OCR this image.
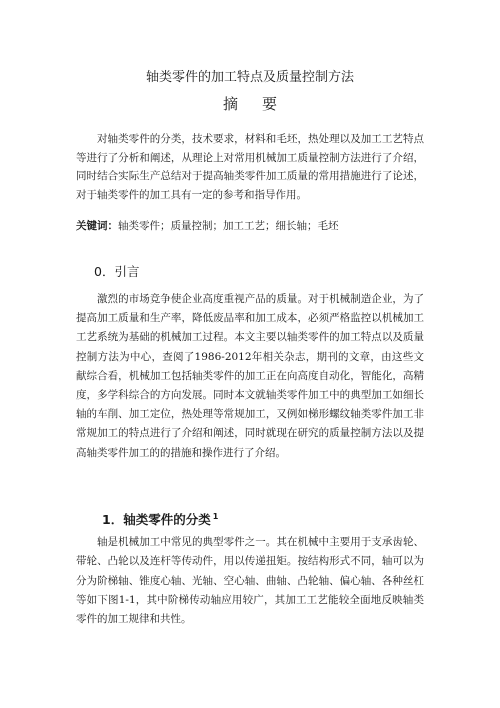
轴类零件的加工特点及质量控制方法
摘要

对轴类零件的分类，技术要求，材料和毛坯，热处理以及加工工艺特点等进行了分析和阐述，从理论上对常用机械加工质量控制方法进行了介绍，同时结合实际生产总结对于提高轴类零件加工质量的常用措施进行了论述，对于轴类零件的加工具有一定的参考和指导作用。

关键词：轴类零件；质量控制；加工工艺；细长轴；毛坯
0．引言

激烈的市场竞争使企业高度重视产品的质量。对于机械制造企业，为了提高加工质量和生产率，降低废品率和加工成本，必须严格监控以机械加工工艺系统为基础的机械加工过程。本文主要以轴类零件的加工特点以及质量控制方法为中心，查阅了1986-2012年相关杂志，期刊的文章，由这些文献综合看，机械加工包括轴类零件的加工正在向高度自动化，智能化，高精度，多学科综合的方向发展。同时本文就轴类零件加工中的典型加工如细长轴的车削、加工定位，热处理等常规加工，又例如梯形螺纹轴类零件加工非常规加工的特点进行了介绍和阐述，同时就现在研究的质量控制方法以及提高轴类零件加工的的措施和操作进行了介绍。

1．轴类零件的分类 $^1$

轴是机械加工中常见的典型零件之一。其在机械中主要用于支承齿轮、带轮、凸轮以及连杆等传动件，用以传递扭矩。按结构形式不同，轴可以为分为阶梯轴、锥度心轴、光轴、空心轴、曲轴、凸轮轴、偏心轴、各种丝杠等如下图1-1，其中阶梯传动轴应用较广，其加工工艺能较全面地反映轴类零件的加工规律和共性。
